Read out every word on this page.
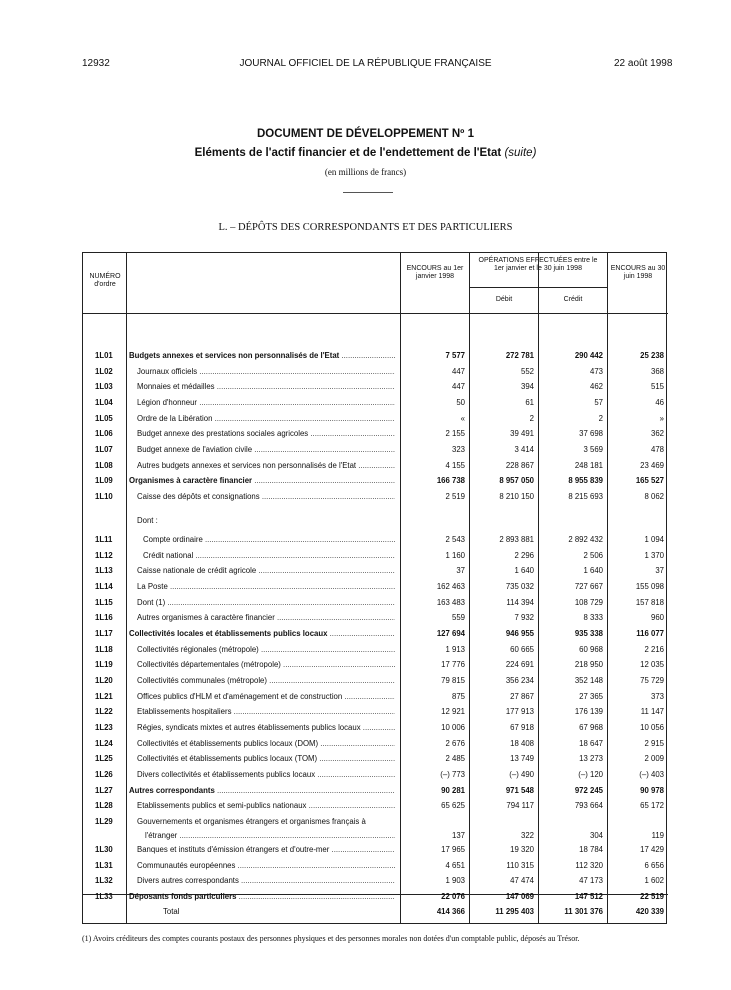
12932	JOURNAL OFFICIEL DE LA RÉPUBLIQUE FRANÇAISE	22 août 1998
DOCUMENT DE DÉVELOPPEMENT Nº 1
Eléments de l'actif financier et de l'endettement de l'Etat (suite)
(en millions de francs)
L. – DÉPÔTS DES CORRESPONDANTS ET DES PARTICULIERS
NUMÉRO d'ordre
ENCOURS au 1er janvier 1998
OPÉRATIONS EFFECTUÉES entre le 1er janvier et le 30 juin 1998
Débit	Crédit
ENCOURS au 30 juin 1998
1L01 Budgets annexes et services non personnalisés de l'Etat .....	7 577	272 781	290 442	25 238
1L02	Journaux officiels .....	447	552	473	368
1L03	Monnaies et médailles .....	447	394	462	515
1L04	Légion d'honneur .....	50	61	57	46
1L05	Ordre de la Libération .....	«	2	2	»
1L06	Budget annexe des prestations sociales agricoles .....	2 155	39 491	37 698	362
1L07	Budget annexe de l'aviation civile .....	323	3 414	3 569	478
1L08	Autres budgets annexes et services non personnalisés de l'Etat .....	4 155	228 867	248 181	23 469
1L09 Organismes à caractère financier .....	166 738	8 957 050	8 955 839	165 527
1L10	Caisse des dépôts et consignations .....	2 519	8 210 150	8 215 693	8 062
Dont :
1L11	Compte ordinaire .....	2 543	2 893 881	2 892 432	1 094
1L12	Crédit national .....	1 160	2 296	2 506	1 370
1L13	Caisse nationale de crédit agricole .....	37	1 640	1 640	37
1L14	La Poste .....	162 463	735 032	727 667	155 098
1L15	Dont (1) .....	163 483	114 394	108 729	157 818
1L16	Autres organismes à caractère financier .....	559	7 932	8 333	960
1L17 Collectivités locales et établissements publics locaux .....	127 694	946 955	935 338	116 077
1L18	Collectivités régionales (métropole) .....	1 913	60 665	60 968	2 216
1L19	Collectivités départementales (métropole) .....	17 776	224 691	218 950	12 035
1L20	Collectivités communales (métropole) .....	79 815	356 234	352 148	75 729
1L21	Offices publics d'HLM et d'aménagement et de construction .....	875	27 867	27 365	373
1L22	Etablissements hospitaliers .....	12 921	177 913	176 139	11 147
1L23	Régies, syndicats mixtes et autres établissements publics locaux .....	10 006	67 918	67 968	10 056
1L24	Collectivités et établissements publics locaux (DOM) .....	2 676	18 408	18 647	2 915
1L25	Collectivités et établissements publics locaux (TOM) .....	2 485	13 749	13 273	2 009
1L26	Divers collectivités et établissements publics locaux .....	(–) 773	(–) 490	(–) 120	(–) 403
1L27 Autres correspondants .....	90 281	971 548	972 245	90 978
1L28	Etablissements publics et semi-publics nationaux .....	65 625	794 117	793 664	65 172
1L29	Gouvernements et organismes étrangers et organismes français à
l'étranger .....	137	322	304	119
1L30	Banques et instituts d'émission étrangers et d'outre-mer .....	17 965	19 320	18 784	17 429
1L31	Communautés européennes .....	4 651	110 315	112 320	6 656
1L32	Divers autres correspondants .....	1 903	47 474	47 173	1 602
1L33 Déposants fonds particuliers .....	22 076	147 069	147 512	22 519
Total	414 366	11 295 403	11 301 376	420 339
(1) Avoirs créditeurs des comptes courants postaux des personnes physiques et des personnes morales non dotées d'un comptable public, déposés au Trésor.
